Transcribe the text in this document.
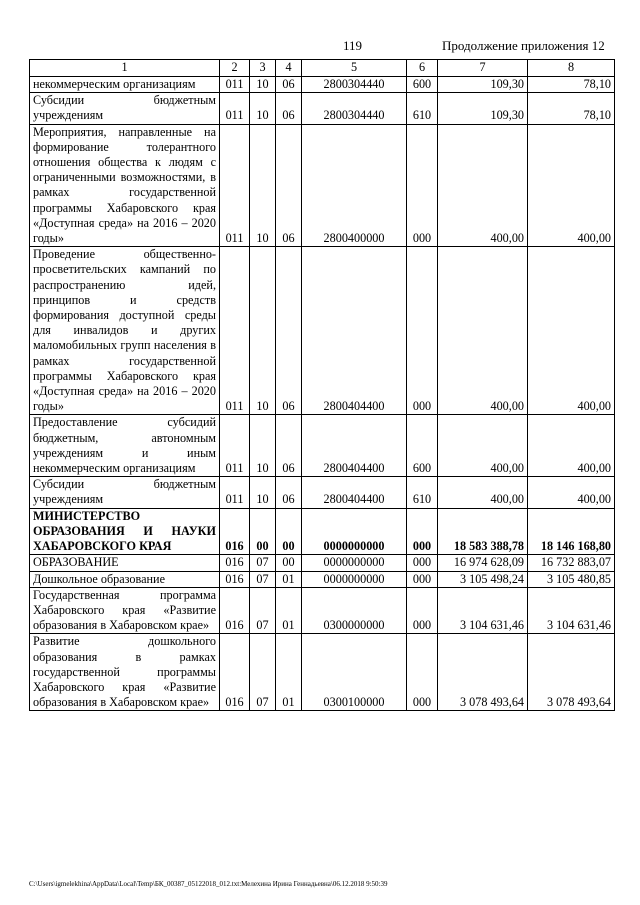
119	Продолжение приложения 12
1	2	3	4	5	6	7	8
некоммерческим организациям	011	10	06	2800304440	600	109,30	78,10
Субсидии бюджетным учреждениям	011	10	06	2800304440	610	109,30	78,10
Мероприятия, направленные на формирование толерантного отношения общества к людям с ограниченными возможностями, в рамках государственной программы Хабаровского края «Доступная среда» на 2016 – 2020 годы»	011	10	06	2800400000	000	400,00	400,00
Проведение общественно-просветительских кампаний по распространению идей, принципов и средств формирования доступной среды для инвалидов и других маломобильных групп населения в рамках государственной программы Хабаровского края «Доступная среда» на 2016 – 2020 годы»	011	10	06	2800404400	000	400,00	400,00
Предоставление субсидий бюджетным, автономным учреждениям и иным некоммерческим организациям	011	10	06	2800404400	600	400,00	400,00
Субсидии бюджетным учреждениям	011	10	06	2800404400	610	400,00	400,00
МИНИСТЕРСТВО ОБРАЗОВАНИЯ И НАУКИ ХАБАРОВСКОГО КРАЯ	016	00	00	0000000000	000	18 583 388,78	18 146 168,80
ОБРАЗОВАНИЕ	016	07	00	0000000000	000	16 974 628,09	16 732 883,07
Дошкольное образование	016	07	01	0000000000	000	3 105 498,24	3 105 480,85
Государственная программа Хабаровского края «Развитие образования в Хабаровском крае»	016	07	01	0300000000	000	3 104 631,46	3 104 631,46
Развитие дошкольного образования в рамках государственной программы Хабаровского края «Развитие образования в Хабаровском крае»	016	07	01	0300100000	000	3 078 493,64	3 078 493,64
C:\Users\igmelekhina\AppData\Local\Temp\БК_00387_05122018_012.txt:Мелехина Ирина Геннадьевна\06.12.2018 9:50:39
